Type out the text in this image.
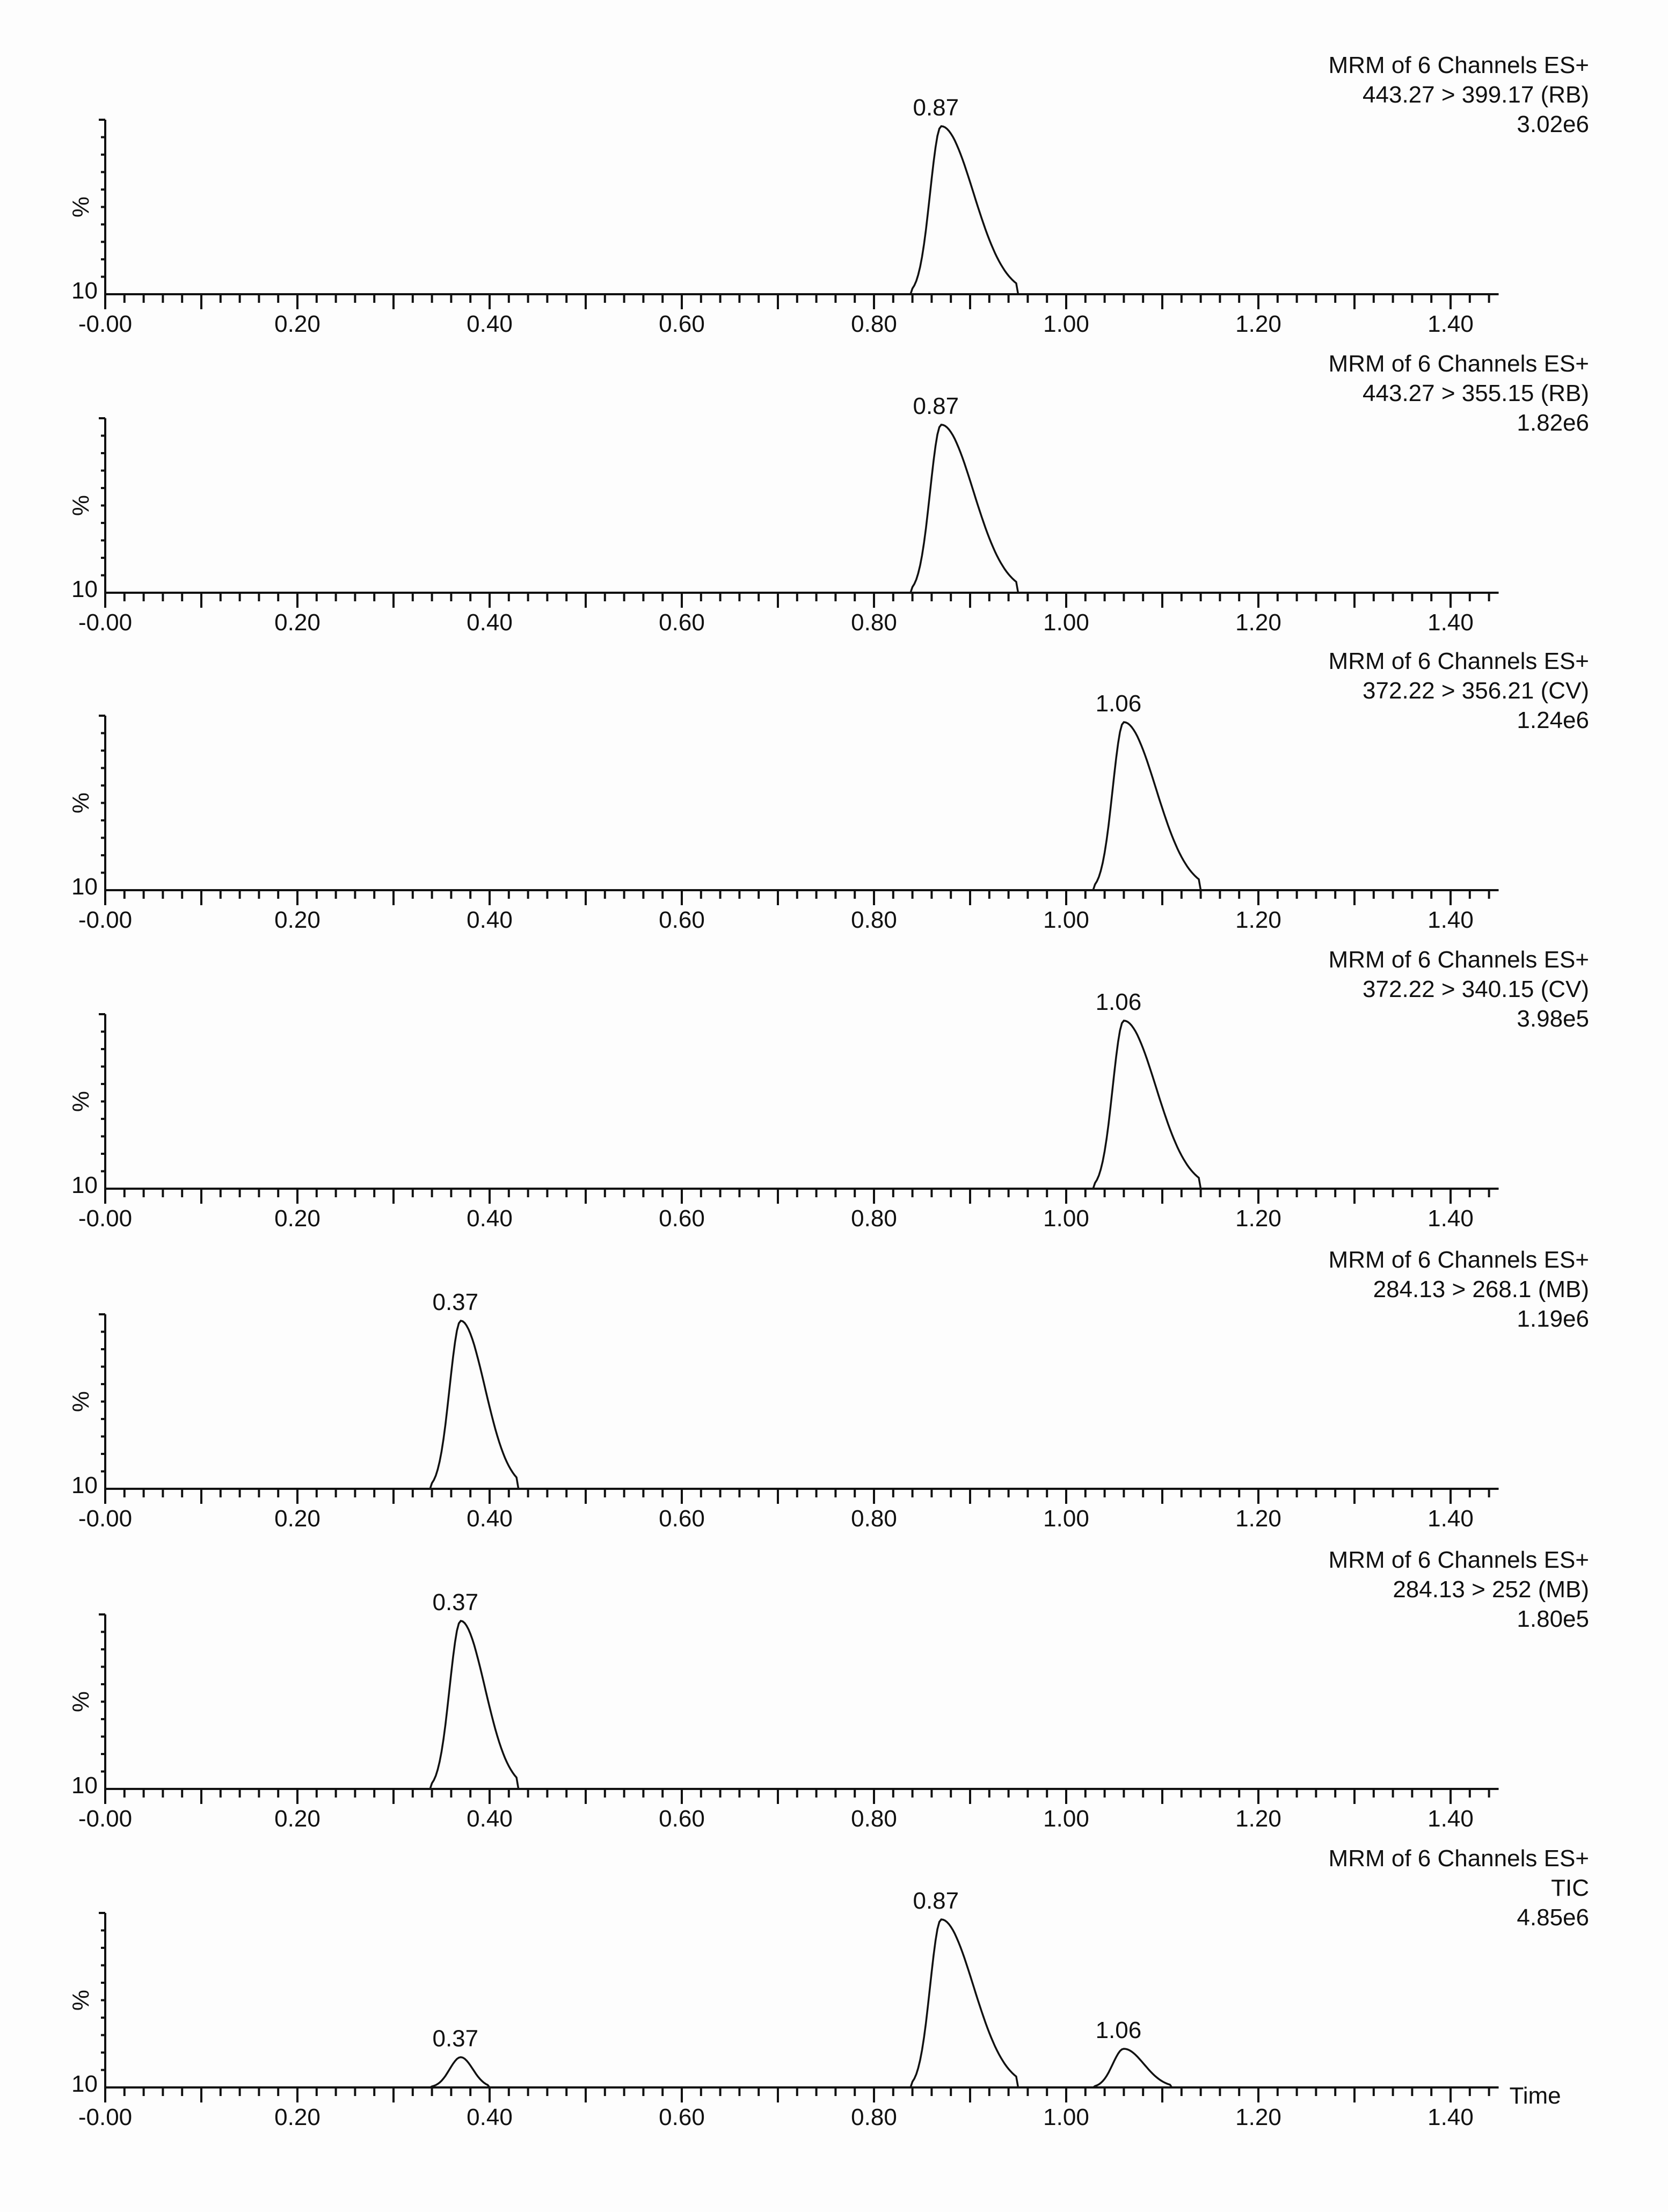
%
10
-0.00	0.20	0.40	0.60	0.80	1.00	1.20	1.40
MRM of 6 Channels ES+
443.27 > 399.17 (RB)
3.02e6
0.87
%
10
-0.00	0.20	0.40	0.60	0.80	1.00	1.20	1.40
MRM of 6 Channels ES+
443.27 > 355.15 (RB)
1.82e6
0.87
%
10
-0.00	0.20	0.40	0.60	0.80	1.00	1.20	1.40
MRM of 6 Channels ES+
372.22 > 356.21 (CV)
1.24e6
1.06
%
10
-0.00	0.20	0.40	0.60	0.80	1.00	1.20	1.40
MRM of 6 Channels ES+
372.22 > 340.15 (CV)
3.98e5
1.06
%
10
-0.00	0.20	0.40	0.60	0.80	1.00	1.20	1.40
MRM of 6 Channels ES+
284.13 > 268.1 (MB)
1.19e6
0.37
%
10
-0.00	0.20	0.40	0.60	0.80	1.00	1.20	1.40
MRM of 6 Channels ES+
284.13 > 252 (MB)
1.80e5
0.37
%
10
-0.00	0.20	0.40	0.60	0.80	1.00	1.20	1.40
Time
MRM of 6 Channels ES+
TIC
4.85e6
0.37
0.87
1.06
